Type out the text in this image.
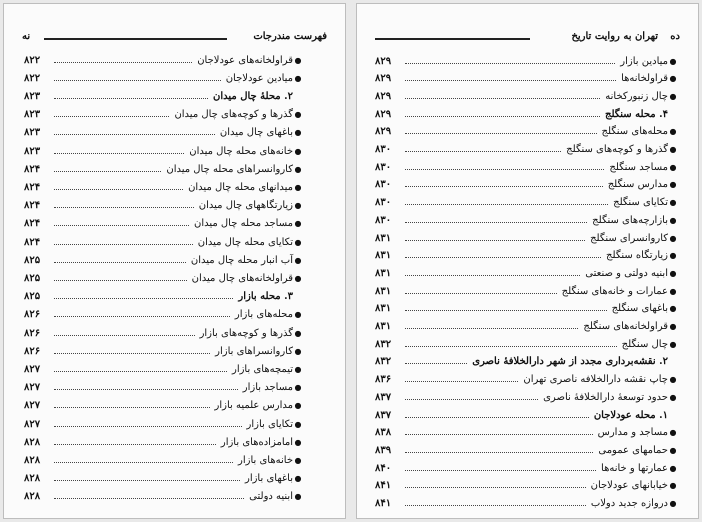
فهرست مندرجات
نه
●
قراولخانه‌های عودلاجان
۸۲۲
●
میادین عودلاجان
۸۲۲
۲. محلهٔ چال میدان
۸۲۳
●
گذرها و کوچه‌های چال میدان
۸۲۳
●
باغهای چال میدان
۸۲۳
●
خانه‌های محله چال میدان
۸۲۳
●
کاروانسراهای محله چال میدان
۸۲۴
●
میدانهای محله چال میدان
۸۲۴
●
زیارتگاههای چال میدان
۸۲۴
●
مساجد محله چال میدان
۸۲۴
●
تکایای محله چال میدان
۸۲۴
●
آب انبار محله چال میدان
۸۲۵
●
قراولخانه‌های چال میدان
۸۲۵
۳. محله بازار
۸۲۵
●
محله‌های بازار
۸۲۶
●
گذرها و کوچه‌های بازار
۸۲۶
●
کاروانسراهای بازار
۸۲۶
●
تیمچه‌های بازار
۸۲۷
●
مساجد بازار
۸۲۷
●
مدارس علمیه بازار
۸۲۷
●
تکایای بازار
۸۲۷
●
امامزاده‌های بازار
۸۲۸
●
خانه‌های بازار
۸۲۸
●
باغهای بازار
۸۲۸
●
ابنیه دولتی
۸۲۸
ده
تهران به روایت تاریخ
●
میادین بازار
۸۲۹
●
قراولخانه‌ها
۸۲۹
●
چال زنبورکخانه
۸۲۹
۴. محله سنگلج
۸۲۹
●
محله‌های سنگلج
۸۲۹
●
گذرها و کوچه‌های سنگلج
۸۳۰
●
مساجد سنگلج
۸۳۰
●
مدارس سنگلج
۸۳۰
●
تکایای سنگلج
۸۳۰
●
بازارچه‌های سنگلج
۸۳۰
●
کاروانسرای سنگلج
۸۳۱
●
زیارتگاه سنگلج
۸۳۱
●
ابنیه دولتی و صنعتی
۸۳۱
●
عمارات و خانه‌های سنگلج
۸۳۱
●
باغهای سنگلج
۸۳۱
●
قراولخانه‌های سنگلج
۸۳۱
●
چال سنگلج
۸۳۲
۲. نقشه‌برداری مجدد از شهر دارالخلافهٔ ناصری
۸۳۲
●
چاپ نقشه دارالخلافه ناصری تهران
۸۳۶
●
حدود توسعهٔ دارالخلافهٔ ناصری
۸۳۷
۱. محله عودلاجان
۸۳۷
●
مساجد و مدارس
۸۳۸
●
حمامهای عمومی
۸۳۹
●
عمارتها و خانه‌ها
۸۴۰
●
خیابانهای عودلاجان
۸۴۱
●
دروازه جدید دولاب
۸۴۱
